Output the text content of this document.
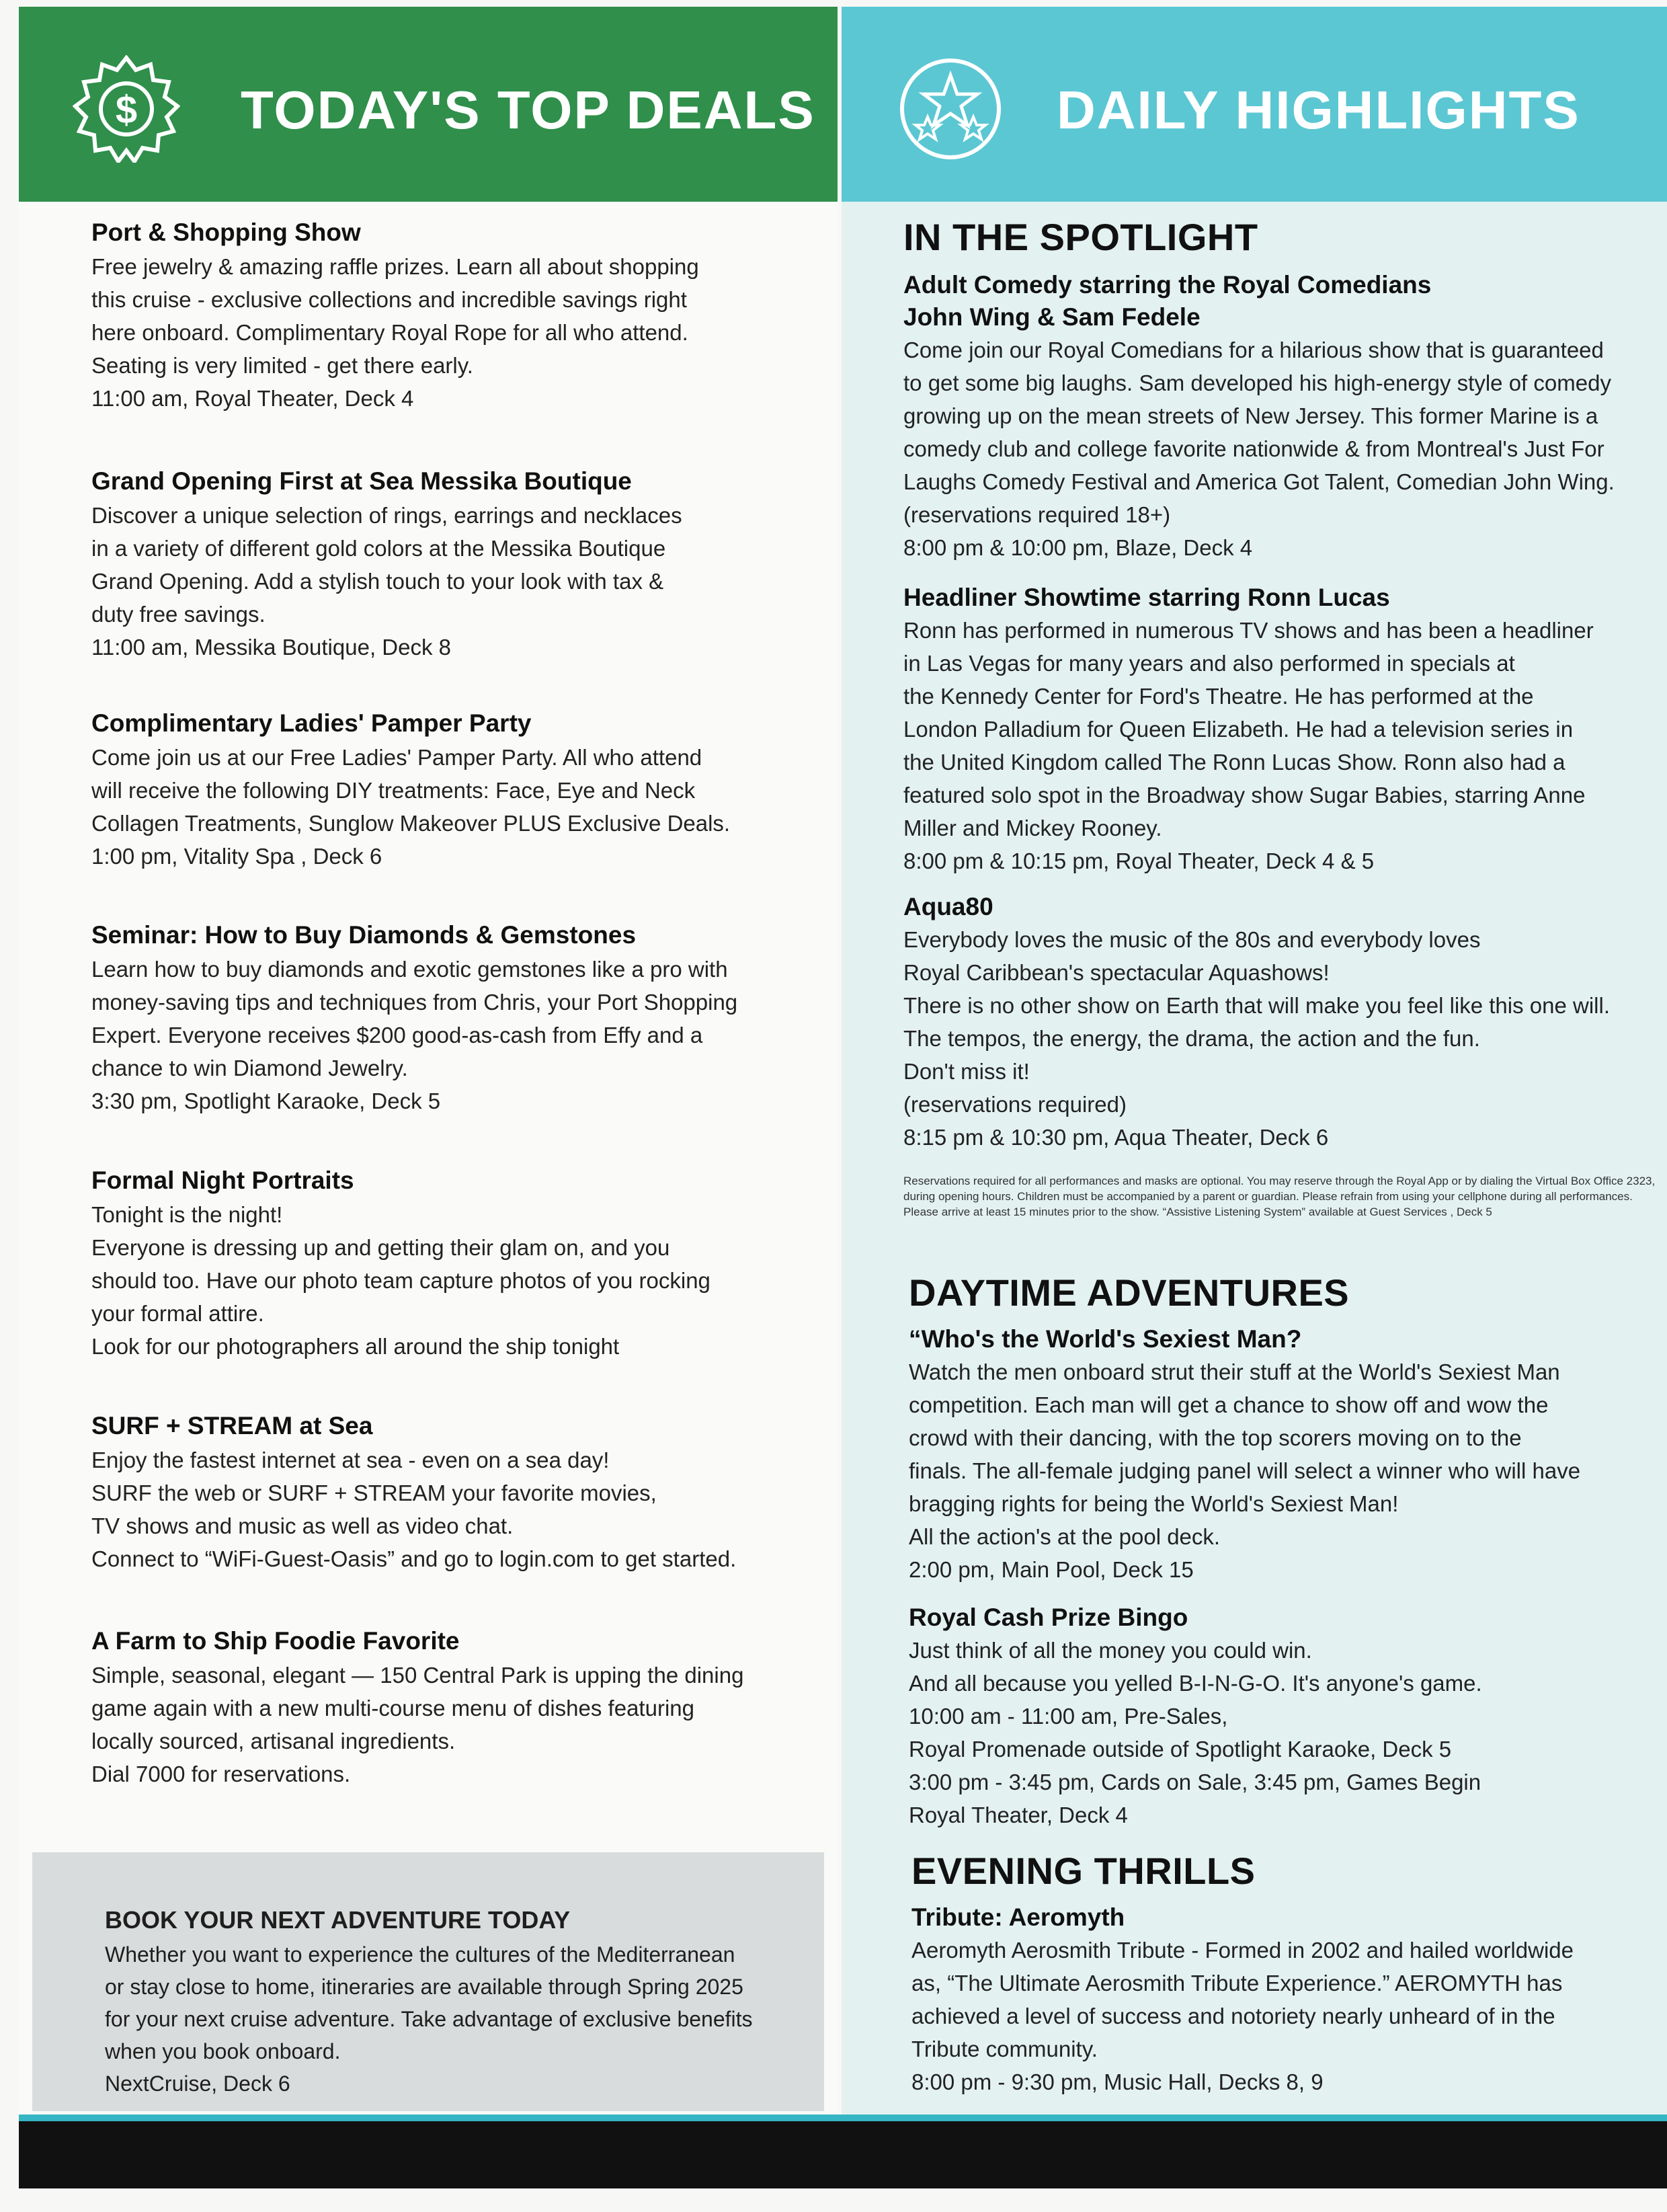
$ TODAY'S TOP DEALS
Port & Shopping Show
Free jewelry & amazing raffle prizes. Learn all about shopping
this cruise - exclusive collections and incredible savings right
here onboard. Complimentary Royal Rope for all who attend.
Seating is very limited - get there early.
11:00 am, Royal Theater, Deck 4
Grand Opening First at Sea Messika Boutique
Discover a unique selection of rings, earrings and necklaces
in a variety of different gold colors at the Messika Boutique
Grand Opening. Add a stylish touch to your look with tax &
duty free savings.
11:00 am, Messika Boutique, Deck 8
Complimentary Ladies' Pamper Party
Come join us at our Free Ladies' Pamper Party. All who attend
will receive the following DIY treatments: Face, Eye and Neck
Collagen Treatments, Sunglow Makeover PLUS Exclusive Deals.
1:00 pm, Vitality Spa , Deck 6
Seminar: How to Buy Diamonds & Gemstones
Learn how to buy diamonds and exotic gemstones like a pro with
money-saving tips and techniques from Chris, your Port Shopping
Expert. Everyone receives $200 good-as-cash from Effy and a
chance to win Diamond Jewelry.
3:30 pm, Spotlight Karaoke, Deck 5
Formal Night Portraits
Tonight is the night!
Everyone is dressing up and getting their glam on, and you
should too. Have our photo team capture photos of you rocking
your formal attire.
Look for our photographers all around the ship tonight
SURF + STREAM at Sea
Enjoy the fastest internet at sea - even on a sea day!
SURF the web or SURF + STREAM your favorite movies,
TV shows and music as well as video chat.
Connect to “WiFi-Guest-Oasis” and go to login.com to get started.
A Farm to Ship Foodie Favorite
Simple, seasonal, elegant — 150 Central Park is upping the dining
game again with a new multi-course menu of dishes featuring
locally sourced, artisanal ingredients.
Dial 7000 for reservations.
BOOK YOUR NEXT ADVENTURE TODAY
Whether you want to experience the cultures of the Mediterranean
or stay close to home, itineraries are available through Spring 2025
for your next cruise adventure. Take advantage of exclusive benefits
when you book onboard.
NextCruise, Deck 6
DAILY HIGHLIGHTS
IN THE SPOTLIGHT
Adult Comedy starring the Royal Comedians
John Wing & Sam Fedele
Come join our Royal Comedians for a hilarious show that is guaranteed
to get some big laughs. Sam developed his high-energy style of comedy
growing up on the mean streets of New Jersey. This former Marine is a
comedy club and college favorite nationwide & from Montreal's Just For
Laughs Comedy Festival and America Got Talent, Comedian John Wing.
(reservations required 18+)
8:00 pm & 10:00 pm, Blaze, Deck 4
Headliner Showtime starring Ronn Lucas
Ronn has performed in numerous TV shows and has been a headliner
in Las Vegas for many years and also performed in specials at
the Kennedy Center for Ford's Theatre. He has performed at the
London Palladium for Queen Elizabeth. He had a television series in
the United Kingdom called The Ronn Lucas Show. Ronn also had a
featured solo spot in the Broadway show Sugar Babies, starring Anne
Miller and Mickey Rooney.
8:00 pm & 10:15 pm, Royal Theater, Deck 4 & 5
Aqua80
Everybody loves the music of the 80s and everybody loves
Royal Caribbean's spectacular Aquashows!
There is no other show on Earth that will make you feel like this one will.
The tempos, the energy, the drama, the action and the fun.
Don't miss it!
(reservations required)
8:15 pm & 10:30 pm, Aqua Theater, Deck 6
Reservations required for all performances and masks are optional. You may reserve through the Royal App or by dialing the Virtual Box Office 2323, during opening hours. Children must be accompanied by a parent or guardian. Please refrain from using your cellphone during all performances. Please arrive at least 15 minutes prior to the show. “Assistive Listening System” available at Guest Services , Deck 5
DAYTIME ADVENTURES
“Who's the World's Sexiest Man?
Watch the men onboard strut their stuff at the World's Sexiest Man
competition. Each man will get a chance to show off and wow the
crowd with their dancing, with the top scorers moving on to the
finals. The all-female judging panel will select a winner who will have
bragging rights for being the World's Sexiest Man!
All the action's at the pool deck.
2:00 pm, Main Pool, Deck 15
Royal Cash Prize Bingo
Just think of all the money you could win.
And all because you yelled B-I-N-G-O. It's anyone's game.
10:00 am - 11:00 am, Pre-Sales,
Royal Promenade outside of Spotlight Karaoke, Deck 5
3:00 pm - 3:45 pm, Cards on Sale, 3:45 pm, Games Begin
Royal Theater, Deck 4
EVENING THRILLS
Tribute: Aeromyth
Aeromyth Aerosmith Tribute - Formed in 2002 and hailed worldwide
as, “The Ultimate Aerosmith Tribute Experience.” AEROMYTH has
achieved a level of success and notoriety nearly unheard of in the
Tribute community.
8:00 pm - 9:30 pm, Music Hall, Decks 8, 9
